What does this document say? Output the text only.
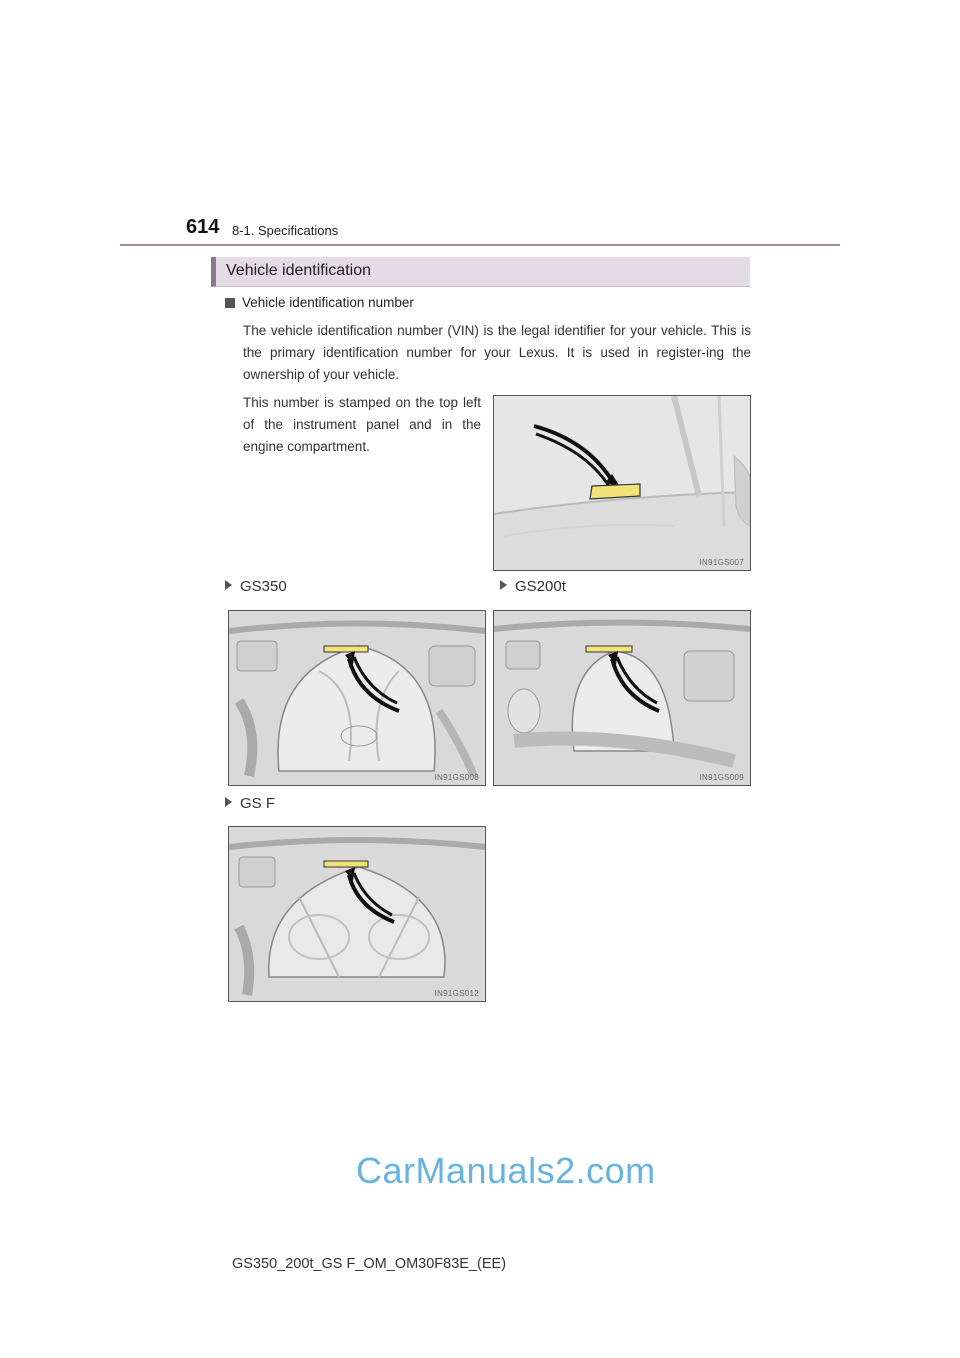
614 8-1. Specifications
Vehicle identification
Vehicle identification number
The vehicle identification number (VIN) is the legal identifier for your vehicle. This is the primary identification number for your Lexus. It is used in register-ing the ownership of your vehicle.
This number is stamped on the top left of the instrument panel and in the engine compartment.
IN91GS007
GS350	GS200t
IN91GS008	IN91GS009
GS F
IN91GS012
CarManuals2.com
GS350_200t_GS F_OM_OM30F83E_(EE)
